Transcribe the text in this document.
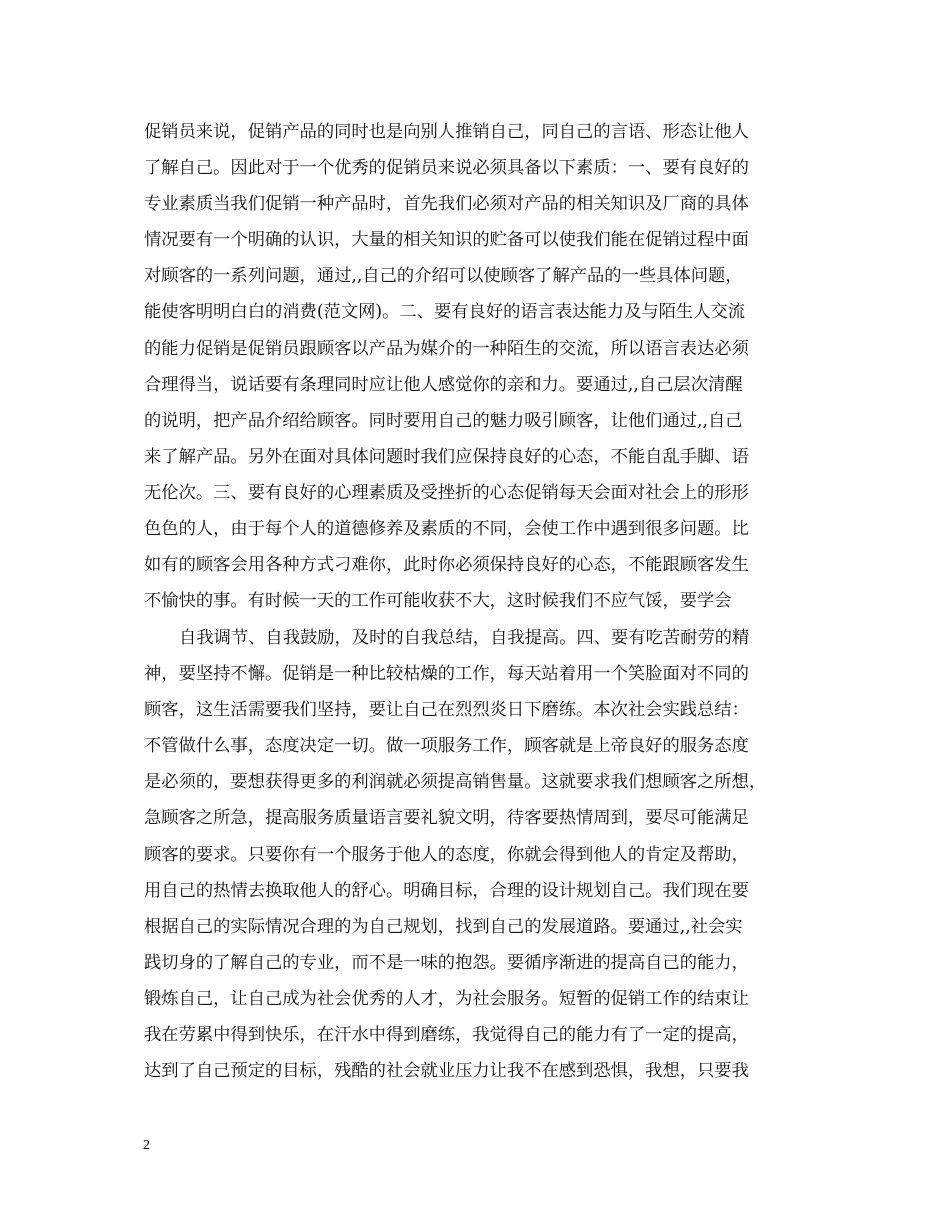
促销员来说，促销产品的同时也是向别人推销自己，同自己的言语、形态让他人
了解自己。因此对于一个优秀的促销员来说必须具备以下素质：一、要有良好的
专业素质当我们促销一种产品时，首先我们必须对产品的相关知识及厂商的具体
情况要有一个明确的认识，大量的相关知识的贮备可以使我们能在促销过程中面
对顾客的一系列问题，通过,,自己的介绍可以使顾客了解产品的一些具体问题，
能使客明明白白的消费(范文网)。二、要有良好的语言表达能力及与陌生人交流
的能力促销是促销员跟顾客以产品为媒介的一种陌生的交流，所以语言表达必须
合理得当，说话要有条理同时应让他人感觉你的亲和力。要通过,,自己层次清醒
的说明，把产品介绍给顾客。同时要用自己的魅力吸引顾客，让他们通过,,自己
来了解产品。另外在面对具体问题时我们应保持良好的心态，不能自乱手脚、语
无伦次。三、要有良好的心理素质及受挫折的心态促销每天会面对社会上的形形
色色的人，由于每个人的道德修养及素质的不同，会使工作中遇到很多问题。比
如有的顾客会用各种方式刁难你，此时你必须保持良好的心态，不能跟顾客发生
不愉快的事。有时候一天的工作可能收获不大，这时候我们不应气馁，要学会
自我调节、自我鼓励，及时的自我总结，自我提高。四、要有吃苦耐劳的精
神，要坚持不懈。促销是一种比较枯燥的工作，每天站着用一个笑脸面对不同的
顾客，这生活需要我们坚持，要让自己在烈烈炎日下磨练。本次社会实践总结：
不管做什么事，态度决定一切。做一项服务工作，顾客就是上帝良好的服务态度
是必须的，要想获得更多的利润就必须提高销售量。这就要求我们想顾客之所想，
急顾客之所急，提高服务质量语言要礼貌文明，待客要热情周到，要尽可能满足
顾客的要求。只要你有一个服务于他人的态度，你就会得到他人的肯定及帮助，
用自己的热情去换取他人的舒心。明确目标，合理的设计规划自己。我们现在要
根据自己的实际情况合理的为自己规划，找到自己的发展道路。要通过,,社会实
践切身的了解自己的专业，而不是一味的抱怨。要循序渐进的提高自己的能力，
锻炼自己，让自己成为社会优秀的人才，为社会服务。短暂的促销工作的结束让
我在劳累中得到快乐，在汗水中得到磨练，我觉得自己的能力有了一定的提高，
达到了自己预定的目标，残酷的社会就业压力让我不在感到恐惧，我想，只要我
2
